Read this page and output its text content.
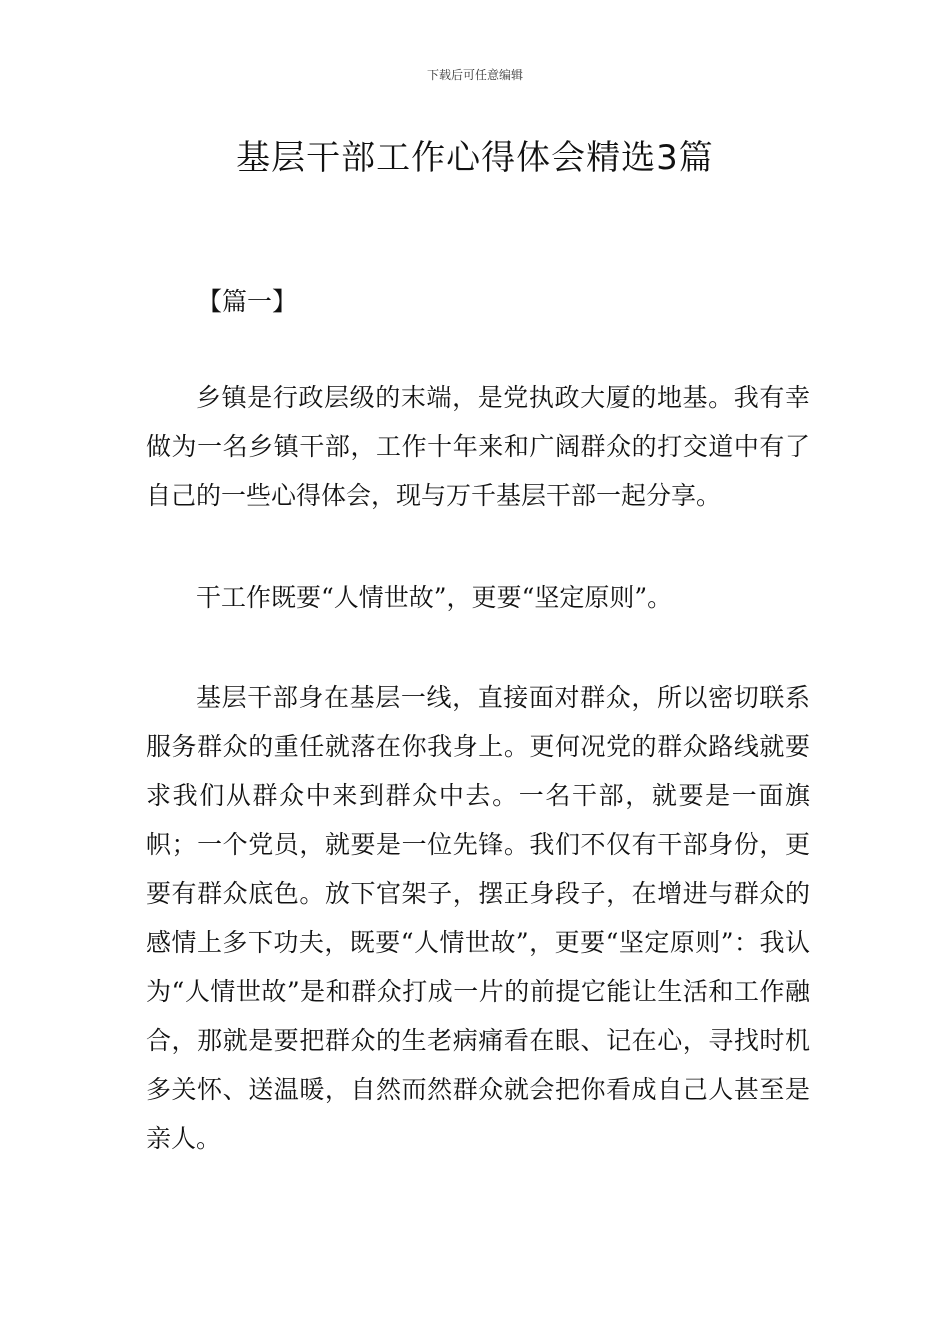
下载后可任意编辑
基层干部工作心得体会精选3篇
【篇一】

乡镇是行政层级的末端，是党执政大厦的地基。我有幸做为一名乡镇干部，工作十年来和广阔群众的打交道中有了自己的一些心得体会，现与万千基层干部一起分享。

干工作既要“人情世故”，更要“坚定原则”。

基层干部身在基层一线，直接面对群众，所以密切联系服务群众的重任就落在你我身上。更何况党的群众路线就要求我们从群众中来到群众中去。一名干部，就要是一面旗帜；一个党员，就要是一位先锋。我们不仅有干部身份，更要有群众底色。放下官架子，摆正身段子，在增进与群众的感情上多下功夫，既要“人情世故”，更要“坚定原则”：我认为“人情世故”是和群众打成一片的前提它能让生活和工作融合，那就是要把群众的生老病痛看在眼、记在心，寻找时机多关怀、送温暖，自然而然群众就会把你看成自己人甚至是亲人。
